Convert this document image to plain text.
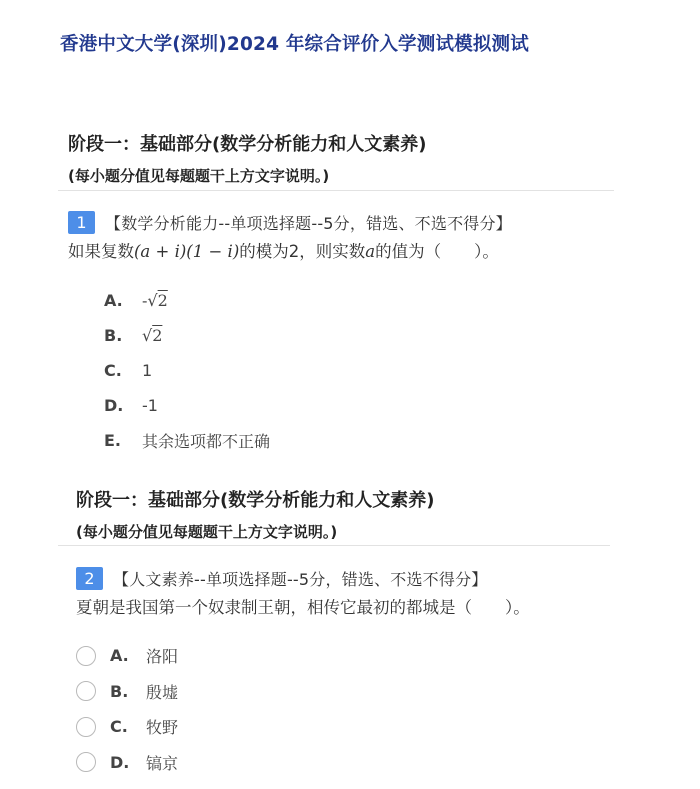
香港中文大学(深圳)2024 年综合评价入学测试模拟测试
阶段一：基础部分(数学分析能力和人文素养)
(每小题分值见每题题干上方文字说明。)
1	【数学分析能力--单项选择题--5分，错选、不选不得分】
如果复数(a + i)(1 − i)的模为2，则实数a的值为（　　）。
A.	-√2
B.	√2
C.	1
D.	-1
E.	其余选项都不正确
阶段一：基础部分(数学分析能力和人文素养)
(每小题分值见每题题干上方文字说明。)
2	【人文素养--单项选择题--5分，错选、不选不得分】
夏朝是我国第一个奴隶制王朝，相传它最初的都城是（　　）。
A.	洛阳
B.	殷墟
C.	牧野
D.	镐京
